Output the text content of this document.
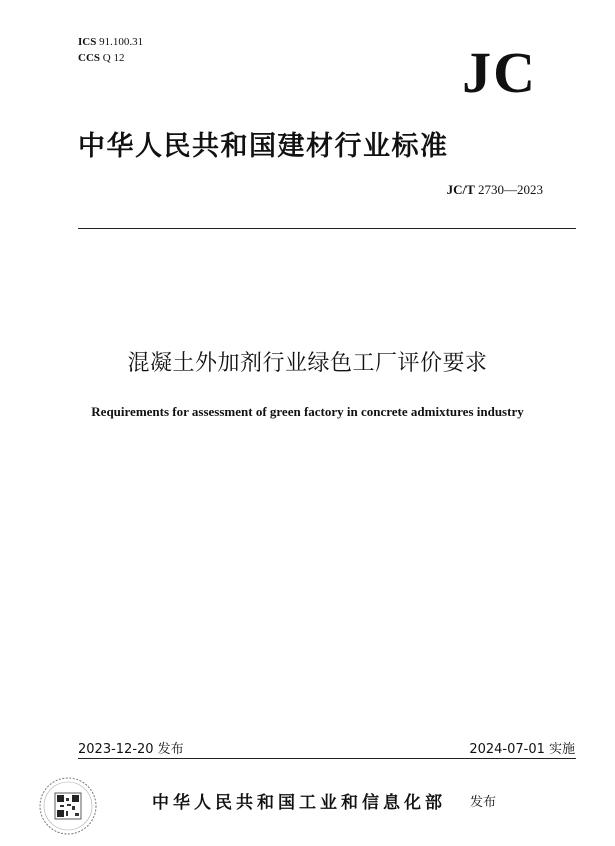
ICS 91.100.31
CCS Q 12	JC
中华人民共和国建材行业标准
JC/T 2730—2023
混凝土外加剂行业绿色工厂评价要求
Requirements for assessment of green factory in concrete admixtures industry
2023-12-20 发布	2024-07-01 实施
中华人民共和国工业和信息化部 发布
